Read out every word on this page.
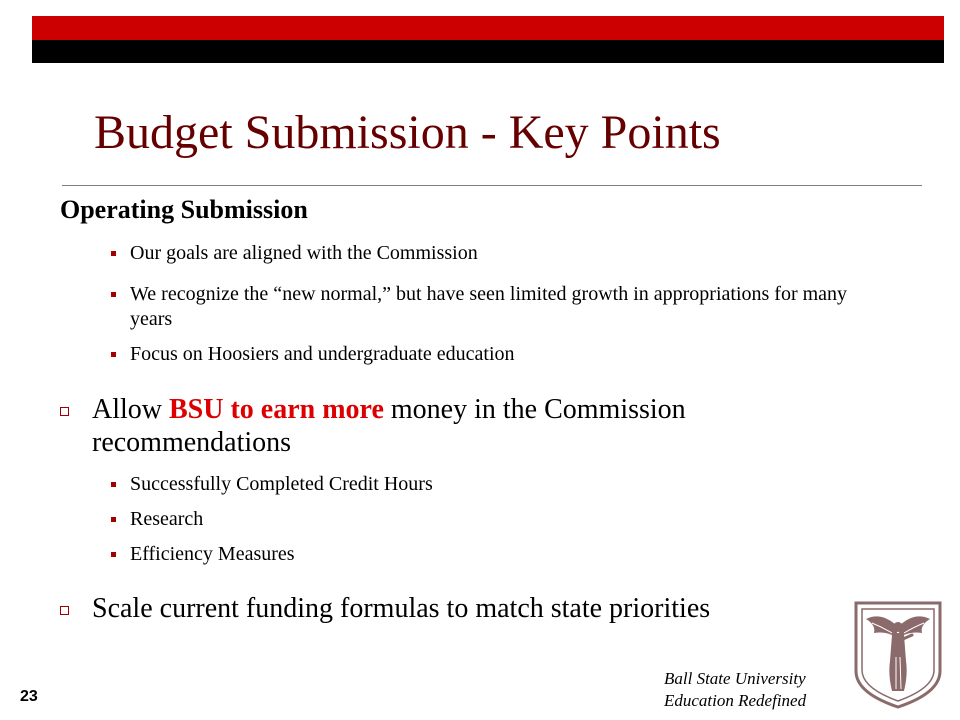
Budget Submission - Key Points
Operating Submission
Our goals are aligned with the Commission
We recognize the “new normal,” but have seen limited growth in appropriations for many years
Focus on Hoosiers and undergraduate education
Allow BSU to earn more money in the Commission recommendations
Successfully Completed Credit Hours
Research
Efficiency Measures
Scale current funding formulas to match state priorities
23
Ball State University
Education Redefined
